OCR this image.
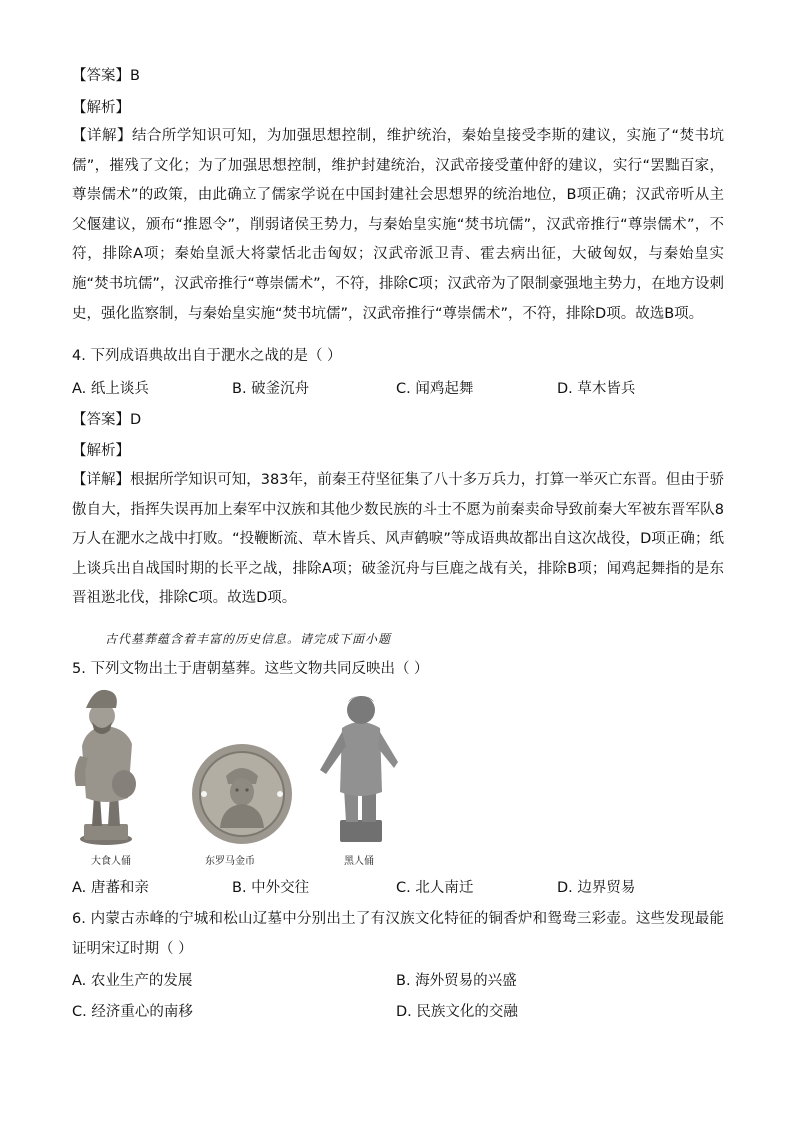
【答案】B
【解析】
【详解】结合所学知识可知，为加强思想控制，维护统治，秦始皇接受李斯的建议，实施了“焚书坑儒”，摧残了文化；为了加强思想控制，维护封建统治，汉武帝接受董仲舒的建议，实行“罢黜百家，尊崇儒术”的政策，由此确立了儒家学说在中国封建社会思想界的统治地位，B项正确；汉武帝听从主父偃建议，颁布“推恩令”，削弱诸侯王势力，与秦始皇实施“焚书坑儒”，汉武帝推行“尊崇儒术”，不符，排除A项；秦始皇派大将蒙恬北击匈奴；汉武帝派卫青、霍去病出征，大破匈奴，与秦始皇实施“焚书坑儒”，汉武帝推行“尊崇儒术”，不符，排除C项；汉武帝为了限制豪强地主势力，在地方设刺史，强化监察制，与秦始皇实施“焚书坑儒”，汉武帝推行“尊崇儒术”，不符，排除D项。故选B项。
4. 下列成语典故出自于淝水之战的是（ ）
A. 纸上谈兵	B. 破釜沉舟	C. 闻鸡起舞	D. 草木皆兵
【答案】D
【解析】
【详解】根据所学知识可知，383年，前秦王苻坚征集了八十多万兵力，打算一举灭亡东晋。但由于骄傲自大，指挥失误再加上秦军中汉族和其他少数民族的斗士不愿为前秦卖命导致前秦大军被东晋军队8万人在淝水之战中打败。“投鞭断流、草木皆兵、风声鹤唳”等成语典故都出自这次战役，D项正确；纸上谈兵出自战国时期的长平之战，排除A项；破釜沉舟与巨鹿之战有关，排除B项；闻鸡起舞指的是东晋祖逖北伐，排除C项。故选D项。
古代墓葬蕴含着丰富的历史信息。请完成下面小题
5. 下列文物出土于唐朝墓葬。这些文物共同反映出（ ）
大食人俑	东罗马金币	黑人俑
A. 唐蕃和亲	B. 中外交往	C. 北人南迁	D. 边界贸易
6. 内蒙古赤峰的宁城和松山辽墓中分别出土了有汉族文化特征的铜香炉和鸳鸯三彩壶。这些发现最能证明宋辽时期（ ）
A. 农业生产的发展	B. 海外贸易的兴盛
C. 经济重心的南移	D. 民族文化的交融
